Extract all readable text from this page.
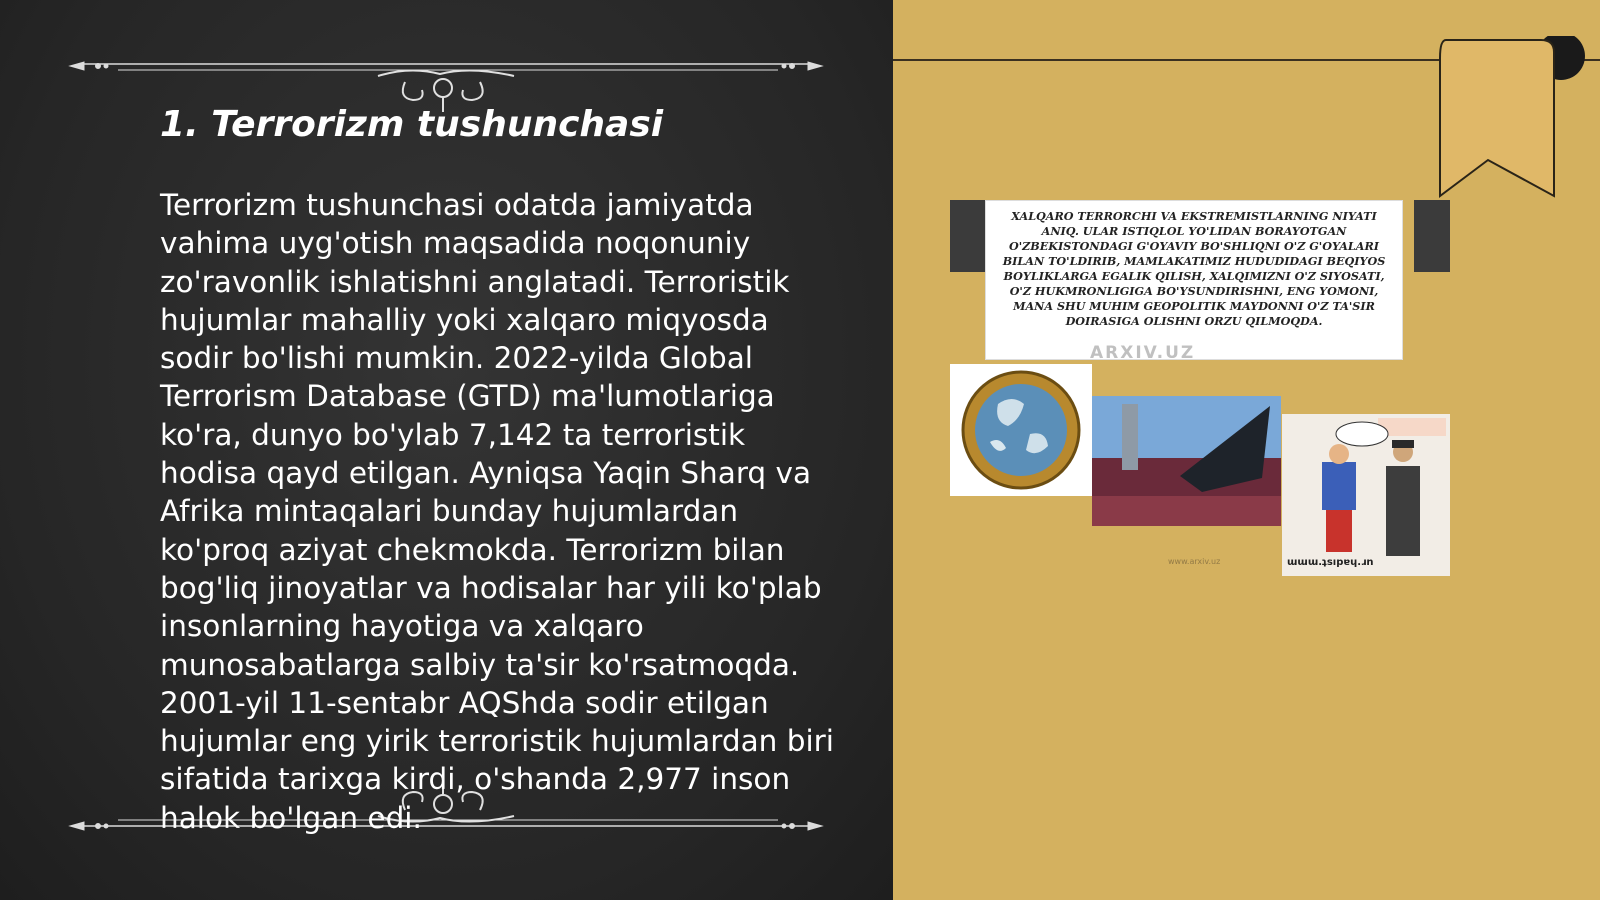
1. Terrorizm tushunchasi

Terrorizm tushunchasi odatda jamiyatda vahima uyg'otish maqsadida noqonuniy zo'ravonlik ishlatishni anglatadi. Terroristik hujumlar mahalliy yoki xalqaro miqyosda sodir bo'lishi mumkin. 2022-yilda Global Terrorism Database (GTD) ma'lumotlariga ko'ra, dunyo bo'ylab 7,142 ta terroristik hodisa qayd etilgan. Ayniqsa Yaqin Sharq va Afrika mintaqalari bunday hujumlardan ko'proq aziyat chekmokda. Terrorizm bilan bog'liq jinoyatlar va hodisalar har yili ko'plab insonlarning hayotiga va xalqaro munosabatlarga salbiy ta'sir ko'rsatmoqda. 2001-yil 11-sentabr AQShda sodir etilgan hujumlar eng yirik terroristik hujumlardan biri sifatida tarixga kirdi, o'shanda 2,977 inson halok bo'lgan edi.

XALQARO TERRORCHI VA EKSTREMISTLARNING NIYATI ANIQ. ULAR ISTIQLOL YO'LIDAN BORAYOTGAN O'ZBEKISTONDAGI G'OYAVIY BO'SHLIQNI O'Z G'OYALARI BILAN TO'LDIRIB, MAMLAKATIMIZ HUDUDIDAGI BEQIYOS BOYLIKLARGA EGALIK QILISH, XALQIMIZNI O'Z SIYOSATI, O'Z HUKMRONLIGIGA BO'YSUNDIRISHNI, ENG YOMONI, MANA SHU MUHIM GEOPOLITIK MAYDONNI O'Z TA'SIR DOIRASIGA OLISHNI ORZU QILMOQDA.
ARXIV.UZ
ɯɯɯ.ʇsıpɐɥ.ɹn
www.arxiv.uz
